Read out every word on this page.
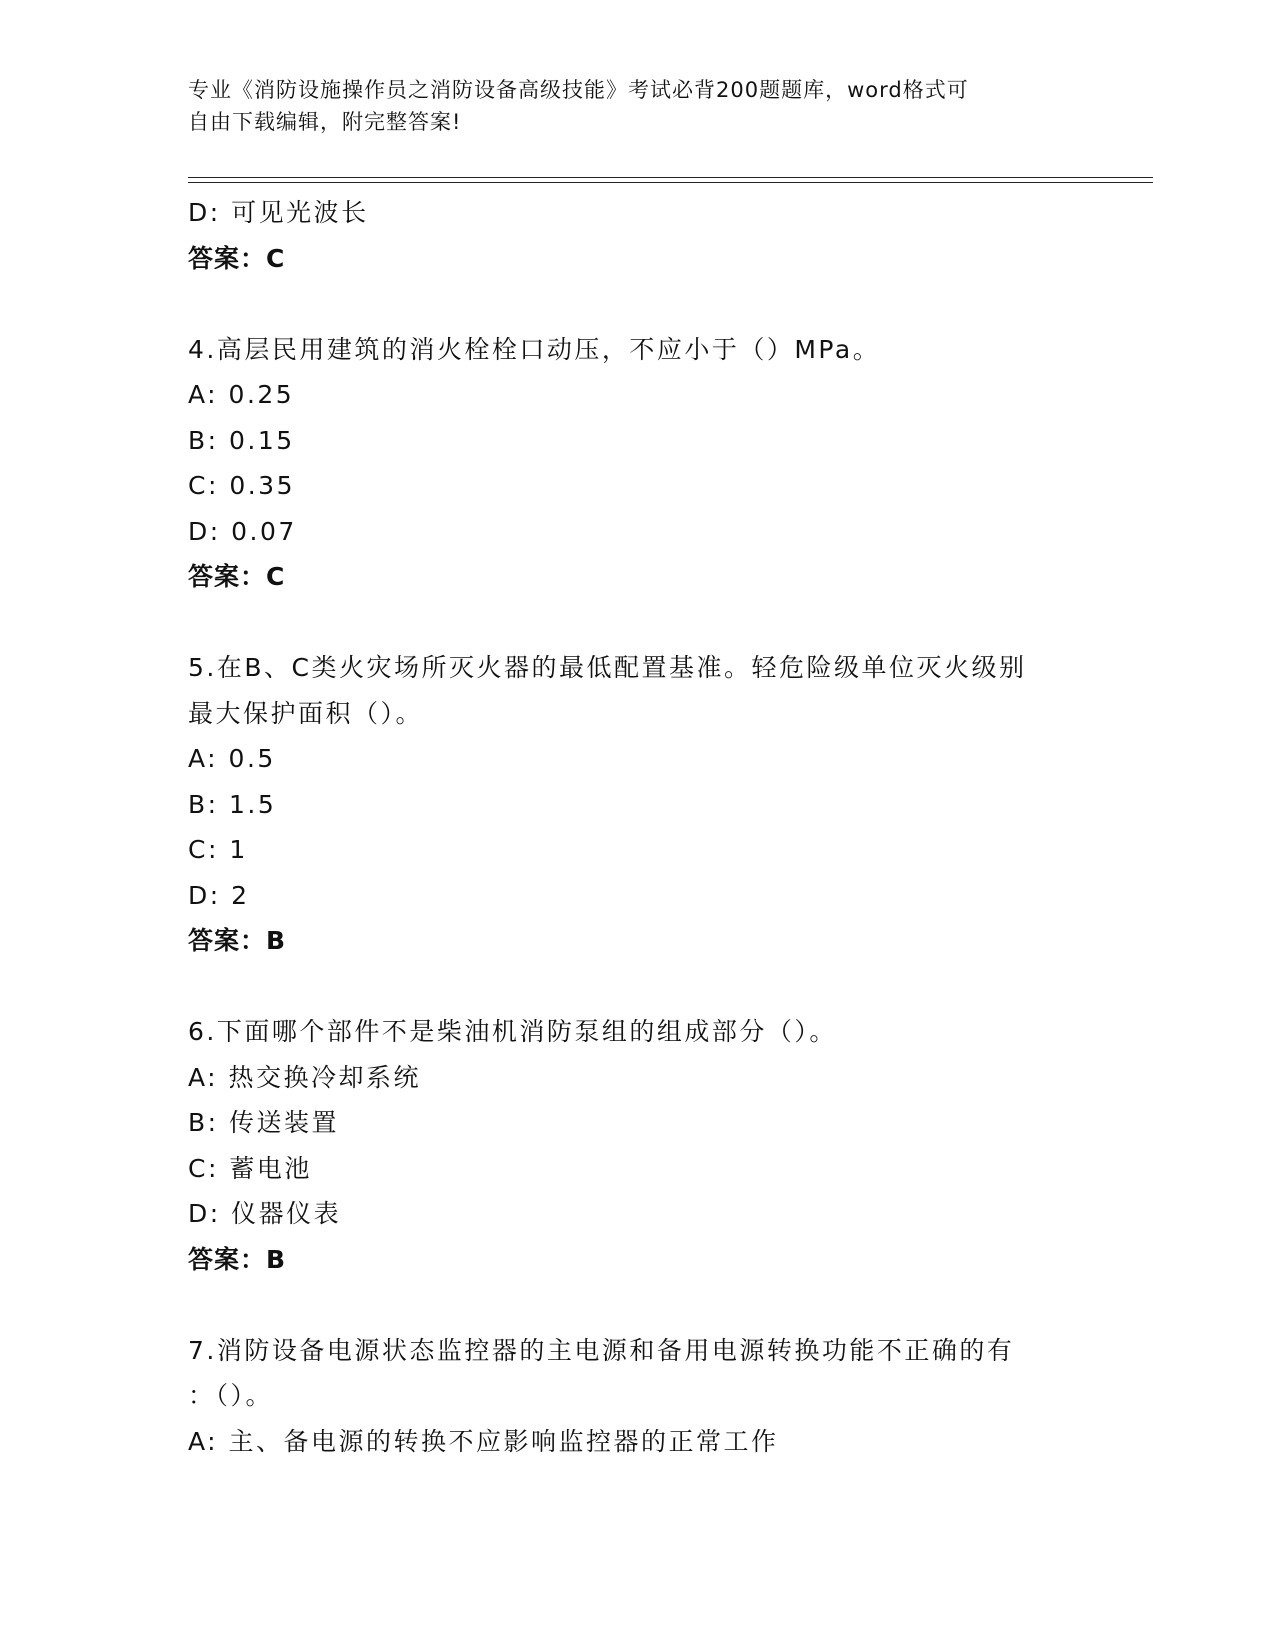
专业《消防设施操作员之消防设备高级技能》考试必背200题题库，word格式可
自由下载编辑，附完整答案!
D: 可见光波长
答案：C
4.高层民用建筑的消火栓栓口动压，不应小于（）MPa。
A: 0.25
B: 0.15
C: 0.35
D: 0.07
答案：C
5.在B、C类火灾场所灭火器的最低配置基准。轻危险级单位灭火级别
最大保护面积（）。
A: 0.5
B: 1.5
C: 1
D: 2
答案：B
6.下面哪个部件不是柴油机消防泵组的组成部分（）。
A: 热交换冷却系统
B: 传送装置
C: 蓄电池
D: 仪器仪表
答案：B
7.消防设备电源状态监控器的主电源和备用电源转换功能不正确的有
：（）。
A: 主、备电源的转换不应影响监控器的正常工作
